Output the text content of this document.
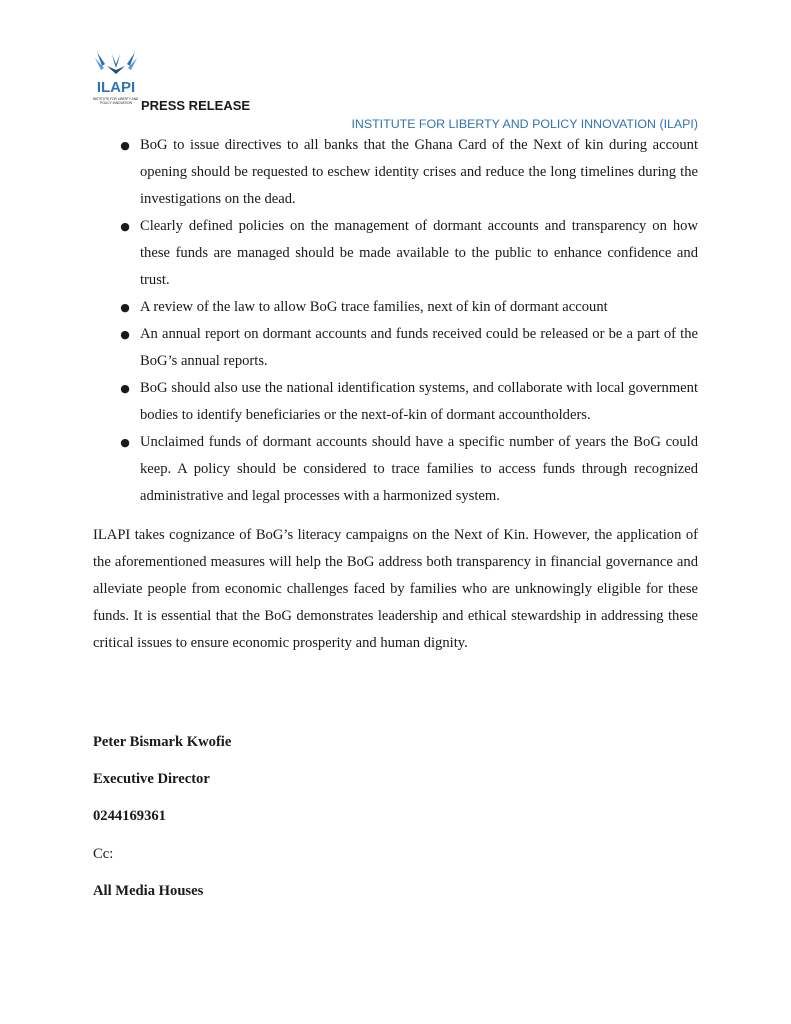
ILAPI
INSTITUTE FOR LIBERTY AND POLICY INNOVATION PRESS RELEASE

INSTITUTE FOR LIBERTY AND POLICY INNOVATION (ILAPI)

● BoG to issue directives to all banks that the Ghana Card of the Next of kin during account opening should be requested to eschew identity crises and reduce the long timelines during the investigations on the dead.
● Clearly defined policies on the management of dormant accounts and transparency on how these funds are managed should be made available to the public to enhance confidence and trust.
● A review of the law to allow BoG trace families, next of kin of dormant account
● An annual report on dormant accounts and funds received could be released or be a part of the BoG’s annual reports.
● BoG should also use the national identification systems, and collaborate with local government bodies to identify beneficiaries or the next-of-kin of dormant accountholders.
● Unclaimed funds of dormant accounts should have a specific number of years the BoG could keep. A policy should be considered to trace families to access funds through recognized administrative and legal processes with a harmonized system.

ILAPI takes cognizance of BoG’s literacy campaigns on the Next of Kin. However, the application of the aforementioned measures will help the BoG address both transparency in financial governance and alleviate people from economic challenges faced by families who are unknowingly eligible for these funds. It is essential that the BoG demonstrates leadership and ethical stewardship in addressing these critical issues to ensure economic prosperity and human dignity.

Peter Bismark Kwofie

Executive Director

0244169361

Cc:

All Media Houses
